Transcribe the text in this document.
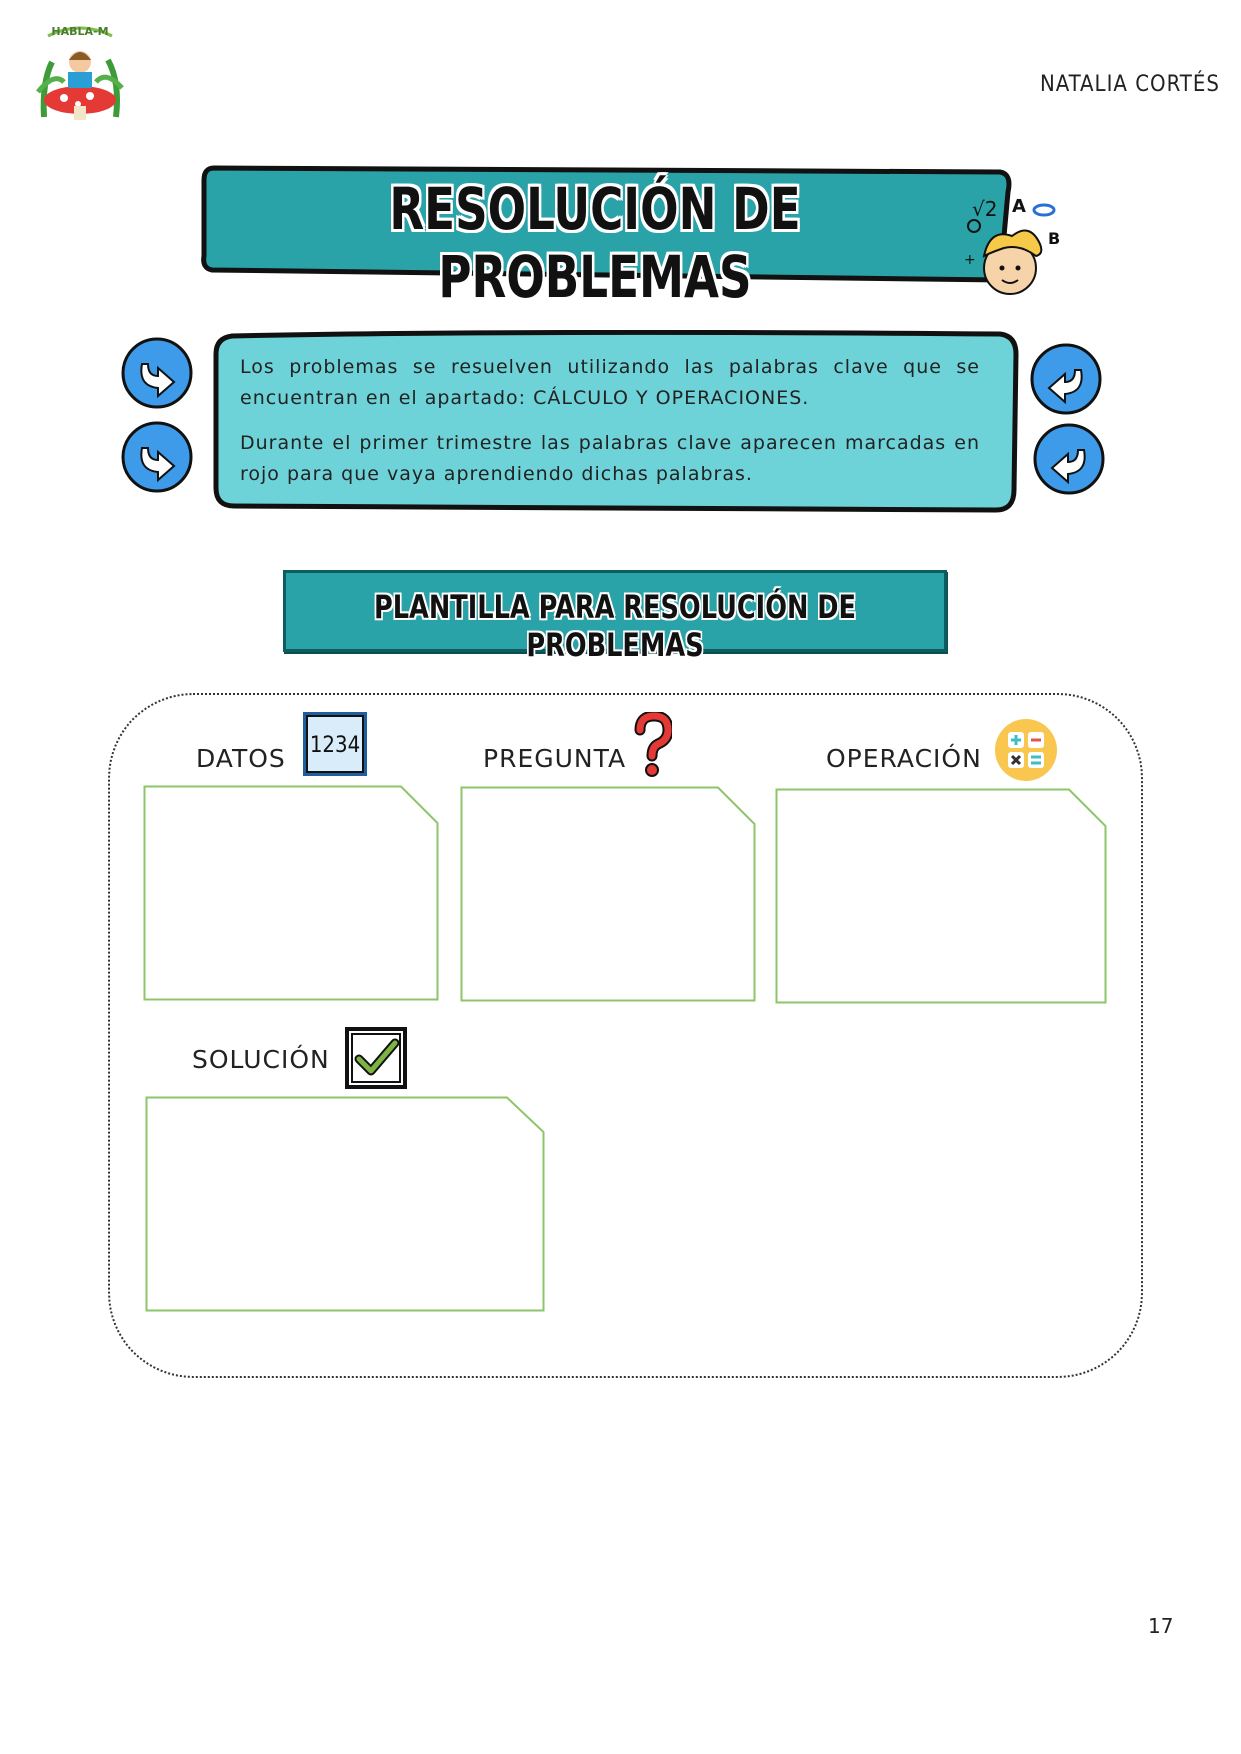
HABLA-M
NATALIA CORTÉS
RESOLUCIÓN DE PROBLEMAS
√2 A
B
+

Los problemas se resuelven utilizando las palabras clave que se encuentran en el apartado: CÁLCULO Y OPERACIONES.

Durante el primer trimestre las palabras clave aparecen marcadas en rojo para que vaya aprendiendo dichas palabras.

PLANTILLA PARA RESOLUCIÓN DE PROBLEMAS
DATOS 1234	PREGUNTA	OPERACIÓN
SOLUCIÓN
17
